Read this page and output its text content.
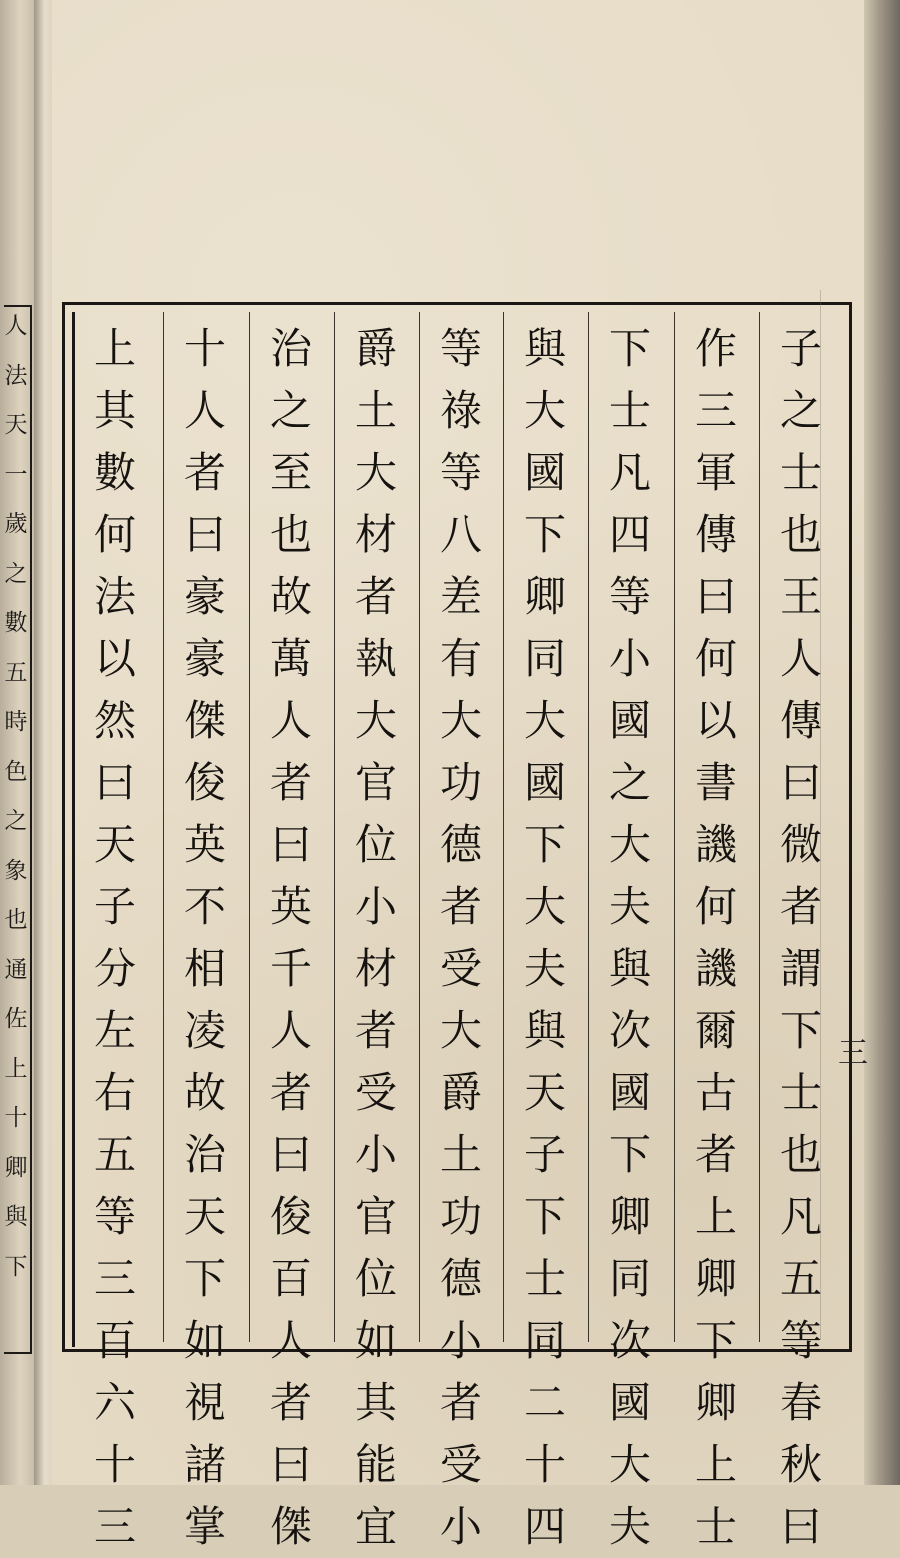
人
法
天
一
歲
之
數
五
時
色
之
象
也
通
佐
上
十
卿
與
下
子
之
士
也
王
人
傳
曰
微
者
謂
下
士
也
凡
五
等
春
秋
曰
作
三
軍
傳
曰
何
以
書
譏
何
譏
爾
古
者
上
卿
下
卿
上
士
下
士
凡
四
等
小
國
之
大
夫
與
次
國
下
卿
同
次
國
大
夫
與
大
國
下
卿
同
大
國
下
大
夫
與
天
子
下
士
同
二
十
四
等
祿
等
八
差
有
大
功
德
者
受
大
爵
土
功
德
小
者
受
小
爵
土
大
材
者
執
大
官
位
小
材
者
受
小
官
位
如
其
能
宜
治
之
至
也
故
萬
人
者
曰
英
千
人
者
曰
俊
百
人
者
曰
傑
十
人
者
曰
豪
豪
傑
俊
英
不
相
凌
故
治
天
下
如
視
諸
掌
上
其
數
何
法
以
然
曰
天
子
分
左
右
五
等
三
百
六
十
三
三
